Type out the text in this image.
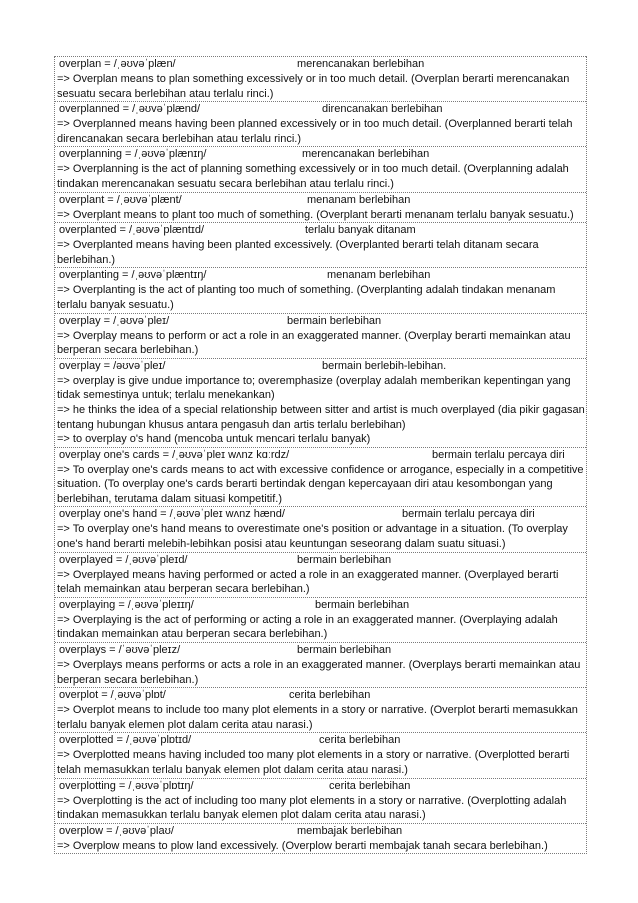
overplan = /ˌəʊvəˈplæn/	merencanakan berlebihan
=> Overplan means to plan something excessively or in too much detail. (Overplan berarti merencanakan sesuatu secara berlebihan atau terlalu rinci.)
overplanned = /ˌəʊvəˈplænd/	direncanakan berlebihan
=> Overplanned means having been planned excessively or in too much detail. (Overplanned berarti telah direncanakan secara berlebihan atau terlalu rinci.)
overplanning = /ˌəʊvəˈplænɪŋ/	merencanakan berlebihan
=> Overplanning is the act of planning something excessively or in too much detail. (Overplanning adalah tindakan merencanakan sesuatu secara berlebihan atau terlalu rinci.)
overplant = /ˌəʊvəˈplænt/	menanam berlebihan
=> Overplant means to plant too much of something. (Overplant berarti menanam terlalu banyak sesuatu.)
overplanted = /ˌəʊvəˈplæntɪd/	terlalu banyak ditanam
=> Overplanted means having been planted excessively. (Overplanted berarti telah ditanam secara berlebihan.)
overplanting = /ˌəʊvəˈplæntɪŋ/	menanam berlebihan
=> Overplanting is the act of planting too much of something. (Overplanting adalah tindakan menanam terlalu banyak sesuatu.)
overplay = /ˌəʊvəˈpleɪ/	bermain berlebihan
=> Overplay means to perform or act a role in an exaggerated manner. (Overplay berarti memainkan atau berperan secara berlebihan.)
overplay = /əʊvəˈpleɪ/	bermain berlebih-lebihan.
=> overplay is give undue importance to; overemphasize (overplay adalah memberikan kepentingan yang tidak semestinya untuk; terlalu menekankan)
=> he thinks the idea of a special relationship between sitter and artist is much overplayed (dia pikir gagasan tentang hubungan khusus antara pengasuh dan artis terlalu berlebihan)
=> to overplay o's hand (mencoba untuk mencari terlalu banyak)
overplay one's cards = /ˌəʊvəˈpleɪ wʌnz kɑːrdz/	bermain terlalu percaya diri
=> To overplay one's cards means to act with excessive confidence or arrogance, especially in a competitive situation. (To overplay one's cards berarti bertindak dengan kepercayaan diri atau kesombongan yang berlebihan, terutama dalam situasi kompetitif.)
overplay one's hand = /ˌəʊvəˈpleɪ wʌnz hænd/	bermain terlalu percaya diri
=> To overplay one's hand means to overestimate one's position or advantage in a situation. (To overplay one's hand berarti melebih-lebihkan posisi atau keuntungan seseorang dalam suatu situasi.)
overplayed = /ˌəʊvəˈpleɪd/	bermain berlebihan
=> Overplayed means having performed or acted a role in an exaggerated manner. (Overplayed berarti telah memainkan atau berperan secara berlebihan.)
overplaying = /ˌəʊvəˈpleɪɪŋ/	bermain berlebihan
=> Overplaying is the act of performing or acting a role in an exaggerated manner. (Overplaying adalah tindakan memainkan atau berperan secara berlebihan.)
overplays = /ˈəʊvəˈpleɪz/	bermain berlebihan
=> Overplays means performs or acts a role in an exaggerated manner. (Overplays berarti memainkan atau berperan secara berlebihan.)
overplot = /ˌəʊvəˈplɒt/	cerita berlebihan
=> Overplot means to include too many plot elements in a story or narrative. (Overplot berarti memasukkan terlalu banyak elemen plot dalam cerita atau narasi.)
overplotted = /ˌəʊvəˈplɒtɪd/	cerita berlebihan
=> Overplotted means having included too many plot elements in a story or narrative. (Overplotted berarti telah memasukkan terlalu banyak elemen plot dalam cerita atau narasi.)
overplotting = /ˌəʊvəˈplɒtɪŋ/	cerita berlebihan
=> Overplotting is the act of including too many plot elements in a story or narrative. (Overplotting adalah tindakan memasukkan terlalu banyak elemen plot dalam cerita atau narasi.)
overplow = /ˌəʊvəˈplaʊ/	membajak berlebihan
=> Overplow means to plow land excessively. (Overplow berarti membajak tanah secara berlebihan.)
